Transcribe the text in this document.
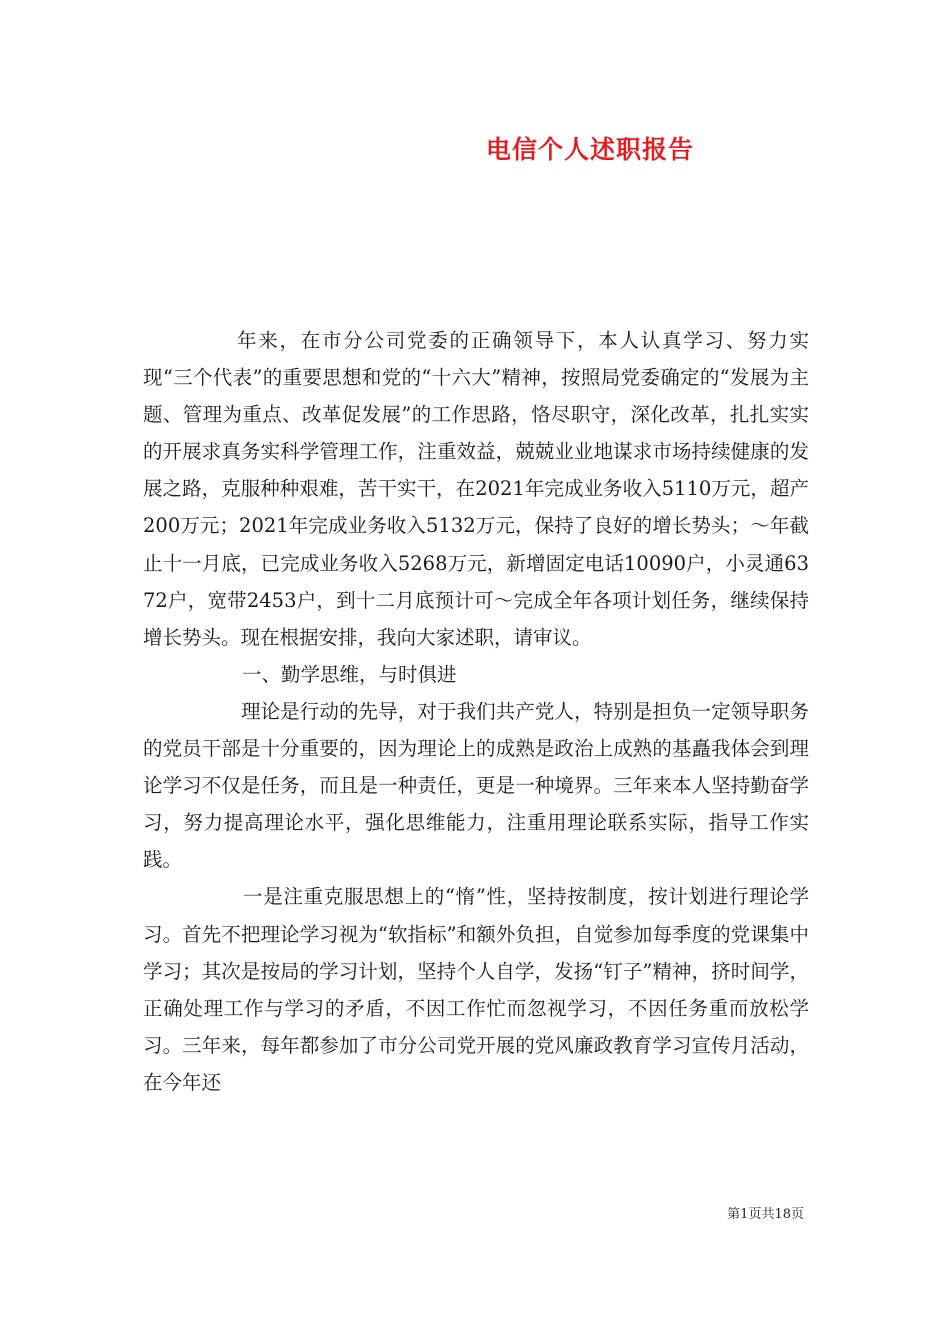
电信个人述职报告

年来，在市分公司党委的正确领导下，本人认真学习、努力实现“三个代表”的重要思想和党的“十六大”精神，按照局党委确定的“发展为主题、管理为重点、改革促发展”的工作思路，恪尽职守，深化改革，扎扎实实的开展求真务实科学管理工作，注重效益，兢兢业业地谋求市场持续健康的发展之路，克服种种艰难，苦干实干，在2021年完成业务收入5110万元，超产200万元；2021年完成业务收入5132万元，保持了良好的增长势头；～年截止十一月底，已完成业务收入5268万元，新增固定电话10090户，小灵通6372户，宽带2453户，到十二月底预计可～完成全年各项计划任务，继续保持增长势头。现在根据安排，我向大家述职，请审议。

一、勤学思维，与时俱进

理论是行动的先导，对于我们共产党人，特别是担负一定领导职务的党员干部是十分重要的，因为理论上的成熟是政治上成熟的基矗我体会到理论学习不仅是任务，而且是一种责任，更是一种境界。三年来本人坚持勤奋学习，努力提高理论水平，强化思维能力，注重用理论联系实际，指导工作实践。

一是注重克服思想上的“惰”性，坚持按制度，按计划进行理论学习。首先不把理论学习视为“软指标”和额外负担，自觉参加每季度的党课集中学习；其次是按局的学习计划，坚持个人自学，发扬“钉子”精神，挤时间学，正确处理工作与学习的矛盾，不因工作忙而忽视学习，不因任务重而放松学习。三年来，每年都参加了市分公司党开展的党风廉政教育学习宣传月活动，在今年还

第1页共18页
